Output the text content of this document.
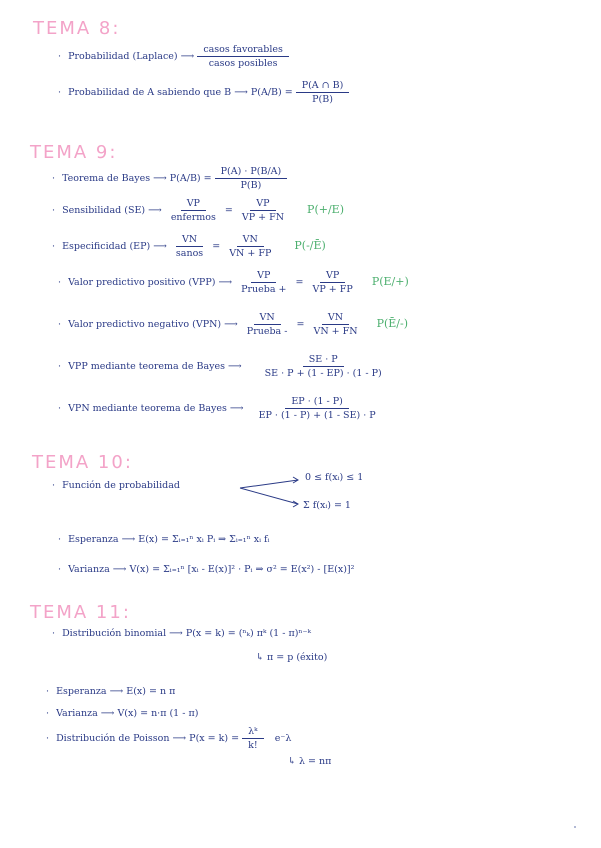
TEMA 8:
· Probabilidad (Laplace) ⟶ $\frac{\text{casos favorables}}{\text{casos posibles}}$
· Probabilidad de A sabiendo que B ⟶ $P(A/B) = \frac{P(A \cap B)}{P(B)}$
TEMA 9:
· Teorema de Bayes ⟶ $P(A/B) = \frac{P(A) \cdot P(B/A)}{P(B)}$
· Sensibilidad (SE) ⟶ $\frac{VP}{\text{enfermos}} = \frac{VP}{VP + FN} P(+/E)$
· Especificidad (EP) ⟶ $\frac{VN}{\text{sanos}} = \frac{VN}{VN + FP}$ P(-/Ē)
· Valor predictivo positivo (VPP) ⟶ $\frac{VP}{\text{Prueba +}} = \frac{VP}{VP + FP} P(E/+)$
· Valor predictivo negativo (VPN) ⟶ $\frac{VN}{\text{Prueba -}} = \frac{VN}{VN + FN}$ P(Ē/-)
· VPP mediante teorema de Bayes ⟶ $\frac{SE \cdot P}{SE \cdot P + (1 - EP) \cdot (1 - P)}$
· VPN mediante teorema de Bayes ⟶ $\frac{EP \cdot (1 - P)}{EP \cdot (1 - P) + (1 - SE) \cdot P}$
TEMA 10:
· Función de probabilidad
0 ≤ f(xᵢ) ≤ 1
Σ f(xᵢ) = 1
· Esperanza ⟶ E(x) = Σᵢ₌₁ⁿ xᵢ Pᵢ ⇒ Σᵢ₌₁ⁿ xᵢ fᵢ
· Varianza ⟶ V(x) = Σᵢ₌₁ⁿ [xᵢ - E(x)]² · Pᵢ ⇒ σ² = E(x²) - [E(x)]²
TEMA 11:
· Distribución binomial ⟶ P(x = k) = (ⁿₖ) πᵏ (1 - π)ⁿ⁻ᵏ
↳ π = p (éxito)
· Esperanza ⟶ E(x) = n π
· Varianza ⟶ V(x) = n·π (1 - π)
· Distribución de Poisson ⟶ $P(x = k) = \frac{\text{λᵏ}}{k!} e^-\lambda$
↳ λ = nπ
